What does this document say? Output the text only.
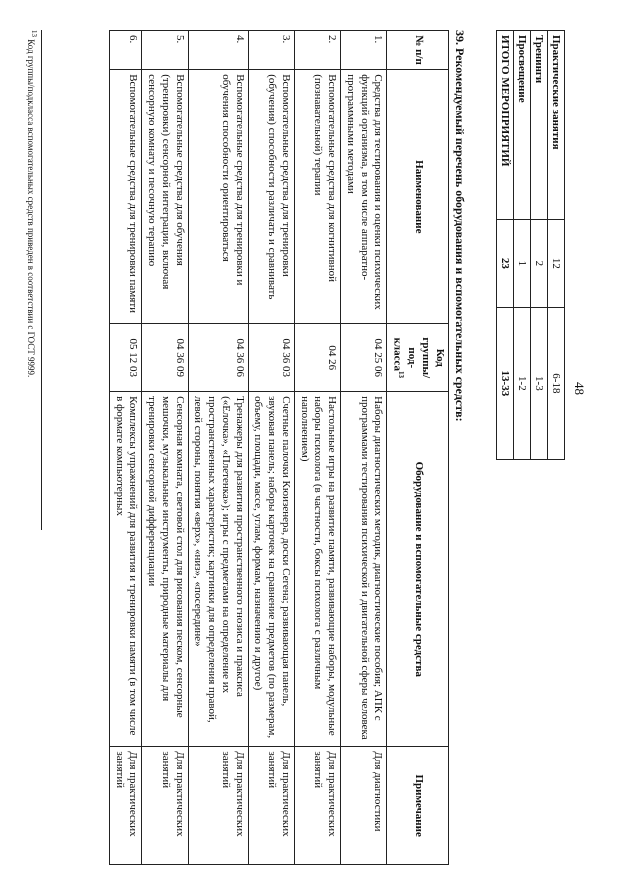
48
Практические занятия	12	6-18
Тренинги	2	1-3
Просвещение	1	1-2
ИТОГО МЕРОПРИЯТИЙ	23	13-33
39. Рекомендуемый перечень оборудования и вспомогательных средств:
№ п/п	Наименование	Код группы/под-класса$^{13}$	Оборудование и вспомогательные средства	Примечание
1.	Средства для тестирования и оценки психических функций организма, в том числе аппаратно-программными методами	04 25 06	Наборы диагностических методик, диагностические пособия; АПК с программами тестирования психической и двигательной сферы человека	Для диагностики
2.	Вспомогательные средства для когнитивной (познавательной) терапии	04 26	Настольные игры на развитие памяти, развивающие наборы, модульные наборы психолога (в частности, боксы психолога с различным наполнением)	Для практических занятий
3.	Вспомогательные средства для тренировки (обучения) способности различать и сравнивать	04 36 03	Счетные палочки Кюизенера, доски Сегена; развивающая панель, звуковая панель; наборы карточек на сравнение предметов (по размерам, объему, площади, массе, углам, формам, назначению и другое)	Для практических занятий
4.	Вспомогательные средства для тренировки и обучения способности ориентироваться	04 36 06	Тренажеры для развития пространственного гнозиса и праксиса («Елочка», «Плетенка»); игры с предметами на определение их пространственных характеристик; картинки для определения правой, левой стороны, понятия «верх», «низ», «посередине»	Для практических занятий
5.	Вспомогательные средства для обучения (тренировки) сенсорной интеграции, включая сенсорную комнату и песочную терапию	04 36 09	Сенсорная комната, световой стол для рисования песком, сенсорные мешочки, музыкальные инструменты, природные материалы для тренировки сенсорной дифференциации	Для практических занятий
6.	Вспомогательные средства для тренировки памяти	05 12 03	Комплексы упражнений для развития и тренировки памяти (в том числе в формате компьютерных	Для практических занятий
$^{13}$ Код группы/подкласса вспомогательных средств приведен в соответствии с ГОСТ 9999.
